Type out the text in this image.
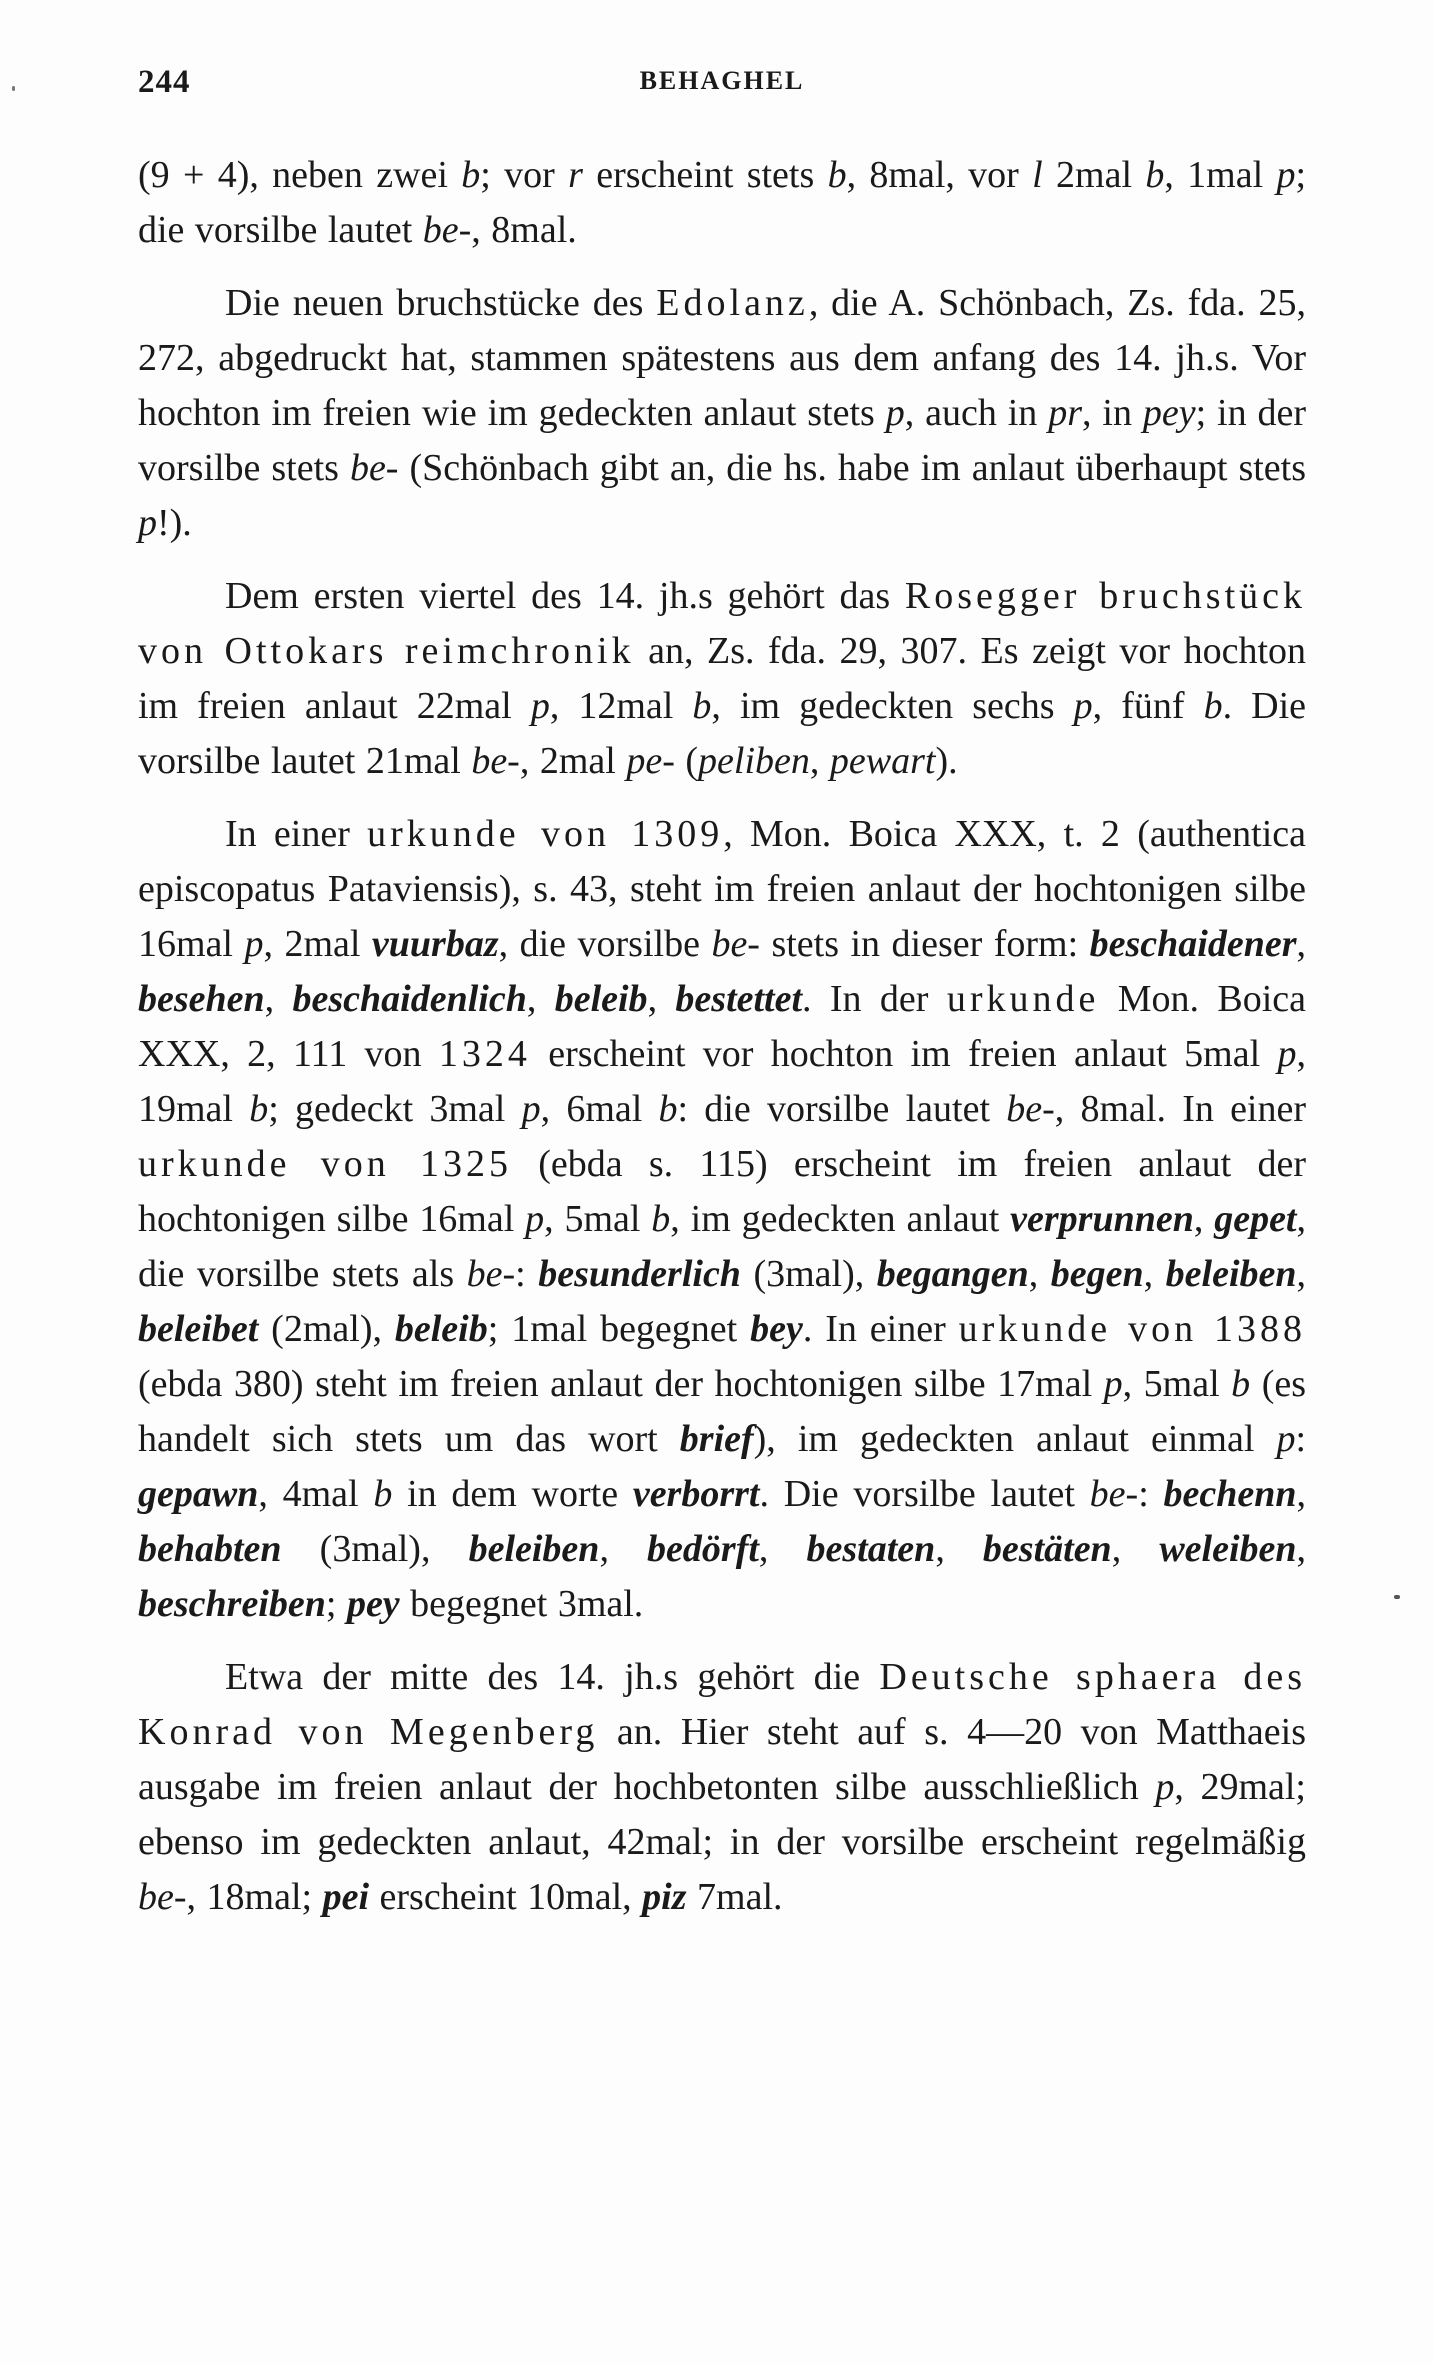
244	BEHAGHEL

(9 + 4), neben zwei b; vor r erscheint stets b, 8mal, vor l 2mal b, 1mal p; die vorsilbe lautet be-, 8mal.

Die neuen bruchstücke des Edolanz, die A. Schönbach, Zs. fda. 25, 272, abgedruckt hat, stammen spätestens aus dem anfang des 14. jh.s. Vor hochton im freien wie im gedeckten anlaut stets p, auch in pr, in pey; in der vorsilbe stets be- (Schönbach gibt an, die hs. habe im anlaut überhaupt stets p!).

Dem ersten viertel des 14. jh.s gehört das Rosegger bruchstück von Ottokars reimchronik an, Zs. fda. 29, 307. Es zeigt vor hochton im freien anlaut 22mal p, 12mal b, im gedeckten sechs p, fünf b. Die vorsilbe lautet 21mal be-, 2mal pe- (peliben, pewart).

In einer urkunde von 1309, Mon. Boica XXX, t. 2 (authentica episcopatus Pataviensis), s. 43, steht im freien anlaut der hochtonigen silbe 16mal p, 2mal vuurbaz, die vorsilbe be- stets in dieser form: beschaidener, besehen, beschaidenlich, beleib, bestettet. In der urkunde Mon. Boica XXX, 2, 111 von 1324 erscheint vor hochton im freien anlaut 5mal p, 19mal b; gedeckt 3mal p, 6mal b: die vorsilbe lautet be-, 8mal. In einer urkunde von 1325 (ebda s. 115) erscheint im freien anlaut der hochtonigen silbe 16mal p, 5mal b, im gedeckten anlaut verprunnen, gepet, die vorsilbe stets als be-: besunderlich (3mal), begangen, begen, beleiben, beleibet (2mal), beleib; 1mal begegnet bey. In einer urkunde von 1388 (ebda 380) steht im freien anlaut der hochtonigen silbe 17mal p, 5mal b (es handelt sich stets um das wort brief), im gedeckten anlaut einmal p: gepawn, 4mal b in dem worte verborrt. Die vorsilbe lautet be-: bechenn, behabten (3mal), beleiben, bedörft, bestaten, bestäten, weleiben, beschreiben; pey begegnet 3mal.

Etwa der mitte des 14. jh.s gehört die Deutsche sphaera des Konrad von Megenberg an. Hier steht auf s. 4—20 von Matthaeis ausgabe im freien anlaut der hochbetonten silbe ausschließlich p, 29mal; ebenso im gedeckten anlaut, 42mal; in der vorsilbe erscheint regelmäßig be-, 18mal; pei erscheint 10mal, piz 7mal.
